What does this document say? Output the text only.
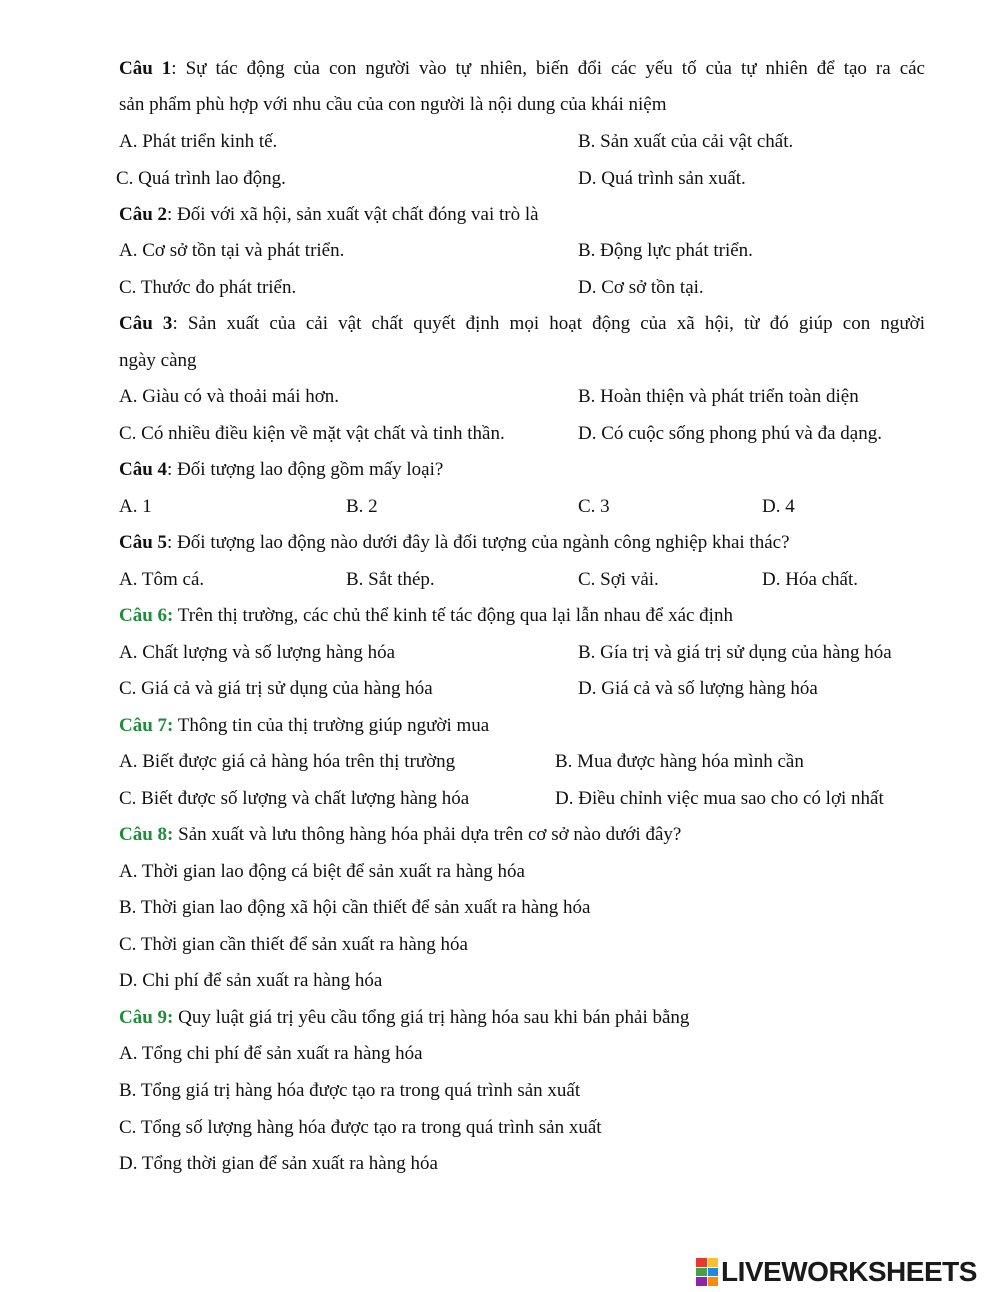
Câu 1: Sự tác động của con người vào tự nhiên, biến đổi các yếu tố của tự nhiên để tạo ra các
sản phẩm phù hợp với nhu cầu của con người là nội dung của khái niệm
A. Phát triển kinh tế.	B. Sản xuất của cải vật chất.
C. Quá trình lao động.	D. Quá trình sản xuất.
Câu 2: Đối với xã hội, sản xuất vật chất đóng vai trò là
A. Cơ sở tồn tại và phát triển.	B. Động lực phát triển.
C. Thước đo phát triển.	D. Cơ sở tồn tại.
Câu 3: Sản xuất của cải vật chất quyết định mọi hoạt động của xã hội, từ đó giúp con người
ngày càng
A. Giàu có và thoải mái hơn.	B. Hoàn thiện và phát triển toàn diện
C. Có nhiều điều kiện về mặt vật chất và tinh thần.	D. Có cuộc sống phong phú và đa dạng.
Câu 4: Đối tượng lao động gồm mấy loại?
A. 1	B. 2	C. 3	D. 4
Câu 5: Đối tượng lao động nào dưới đây là đối tượng của ngành công nghiệp khai thác?
A. Tôm cá.	B. Sắt thép.	C. Sợi vải.	D. Hóa chất.
Câu 6: Trên thị trường, các chủ thể kinh tế tác động qua lại lẫn nhau để xác định
A. Chất lượng và số lượng hàng hóa	B. Gía trị và giá trị sử dụng của hàng hóa
C. Giá cả và giá trị sử dụng của hàng hóa	D. Giá cả và số lượng hàng hóa
Câu 7: Thông tin của thị trường giúp người mua
A. Biết được giá cả hàng hóa trên thị trường	B. Mua được hàng hóa mình cần
C. Biết được số lượng và chất lượng hàng hóa	D. Điều chỉnh việc mua sao cho có lợi nhất
Câu 8: Sản xuất và lưu thông hàng hóa phải dựa trên cơ sở nào dưới đây?
A. Thời gian lao động cá biệt để sản xuất ra hàng hóa
B. Thời gian lao động xã hội cần thiết để sản xuất ra hàng hóa
C. Thời gian cần thiết để sản xuất ra hàng hóa
D. Chi phí để sản xuất ra hàng hóa
Câu 9: Quy luật giá trị yêu cầu tổng giá trị hàng hóa sau khi bán phải bằng
A. Tổng chi phí để sản xuất ra hàng hóa
B. Tổng giá trị hàng hóa được tạo ra trong quá trình sản xuất
C. Tổng số lượng hàng hóa được tạo ra trong quá trình sản xuất
D. Tổng thời gian để sản xuất ra hàng hóa
LIVEWORKSHEETS
